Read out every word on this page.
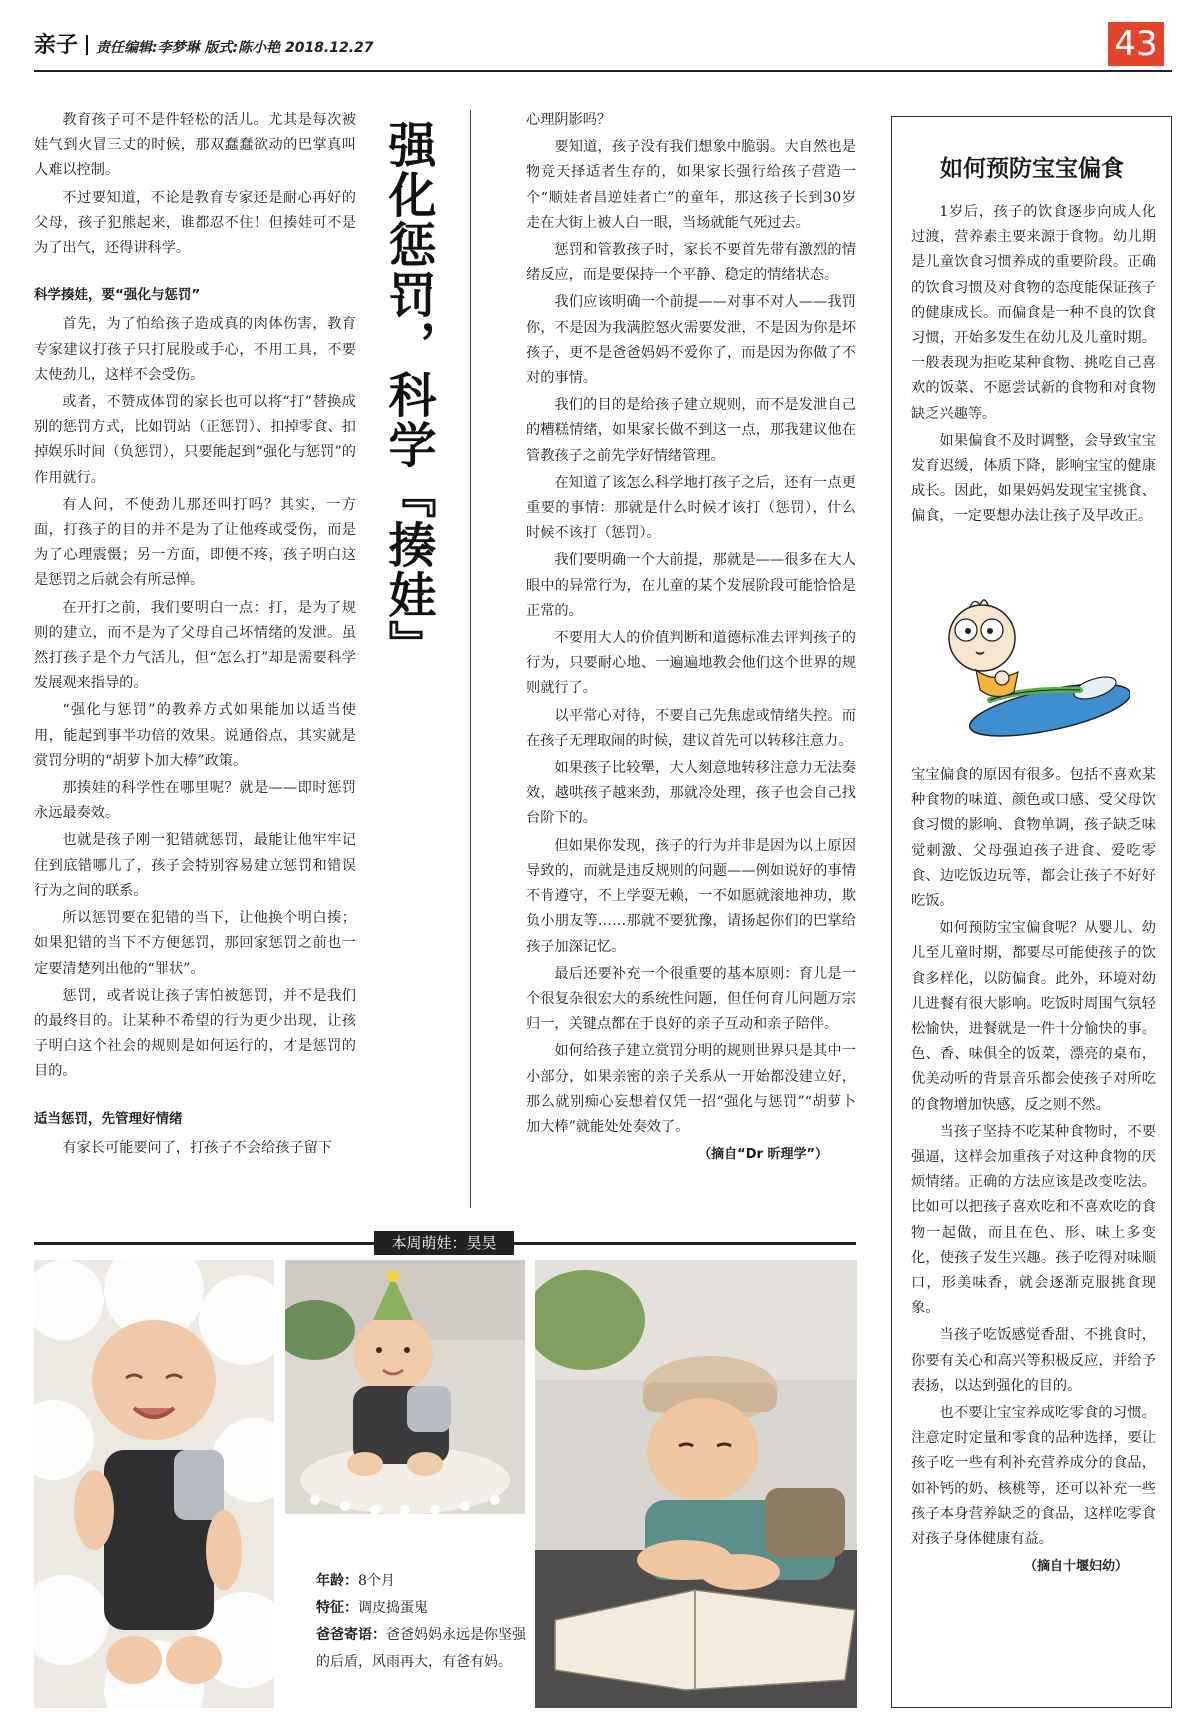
亲子 责任编辑:李梦琳 版式:陈小艳 2018.12.27	43

教育孩子可不是件轻松的活儿。尤其是每次被娃气到火冒三丈的时候，那双蠢蠢欲动的巴掌真叫人难以控制。

不过要知道，不论是教育专家还是耐心再好的父母，孩子犯熊起来，谁都忍不住！但揍娃可不是为了出气，还得讲科学。

科学揍娃，要“强化与惩罚”

首先，为了怕给孩子造成真的肉体伤害，教育专家建议打孩子只打屁股或手心，不用工具，不要太使劲儿，这样不会受伤。

或者，不赞成体罚的家长也可以将“打”替换成别的惩罚方式，比如罚站（正惩罚）、扣掉零食、扣掉娱乐时间（负惩罚），只要能起到“强化与惩罚”的作用就行。

有人问，不使劲儿那还叫打吗？其实，一方面，打孩子的目的并不是为了让他疼或受伤，而是为了心理震慑；另一方面，即便不疼，孩子明白这是惩罚之后就会有所忌惮。

在开打之前，我们要明白一点：打，是为了规则的建立，而不是为了父母自己坏情绪的发泄。虽然打孩子是个力气活儿，但“怎么打”却是需要科学发展观来指导的。

“强化与惩罚”的教养方式如果能加以适当使用，能起到事半功倍的效果。说通俗点，其实就是赏罚分明的“胡萝卜加大棒”政策。

那揍娃的科学性在哪里呢？就是——即时惩罚永远最奏效。

也就是孩子刚一犯错就惩罚，最能让他牢牢记住到底错哪儿了，孩子会特别容易建立惩罚和错误行为之间的联系。

所以惩罚要在犯错的当下，让他换个明白揍；如果犯错的当下不方便惩罚，那回家惩罚之前也一定要清楚列出他的“罪状”。

惩罚，或者说让孩子害怕被惩罚，并不是我们的最终目的。让某种不希望的行为更少出现，让孩子明白这个社会的规则是如何运行的，才是惩罚的目的。

适当惩罚，先管理好情绪

有家长可能要问了，打孩子不会给孩子留下

强化惩罚，科学『揍娃』	心理阴影吗？

要知道，孩子没有我们想象中脆弱。大自然也是物竞天择适者生存的，如果家长强行给孩子营造一个“顺娃者昌逆娃者亡”的童年，那这孩子长到30岁走在大街上被人白一眼，当场就能气死过去。

惩罚和管教孩子时，家长不要首先带有激烈的情绪反应，而是要保持一个平静、稳定的情绪状态。

我们应该明确一个前提——对事不对人——我罚你，不是因为我满腔怒火需要发泄，不是因为你是坏孩子，更不是爸爸妈妈不爱你了，而是因为你做了不对的事情。

我们的目的是给孩子建立规则，而不是发泄自己的糟糕情绪，如果家长做不到这一点，那我建议他在管教孩子之前先学好情绪管理。

在知道了该怎么科学地打孩子之后，还有一点更重要的事情：那就是什么时候才该打（惩罚），什么时候不该打（惩罚）。

我们要明确一个大前提，那就是——很多在大人眼中的异常行为，在儿童的某个发展阶段可能恰恰是正常的。

不要用大人的价值判断和道德标准去评判孩子的行为，只要耐心地、一遍遍地教会他们这个世界的规则就行了。

以平常心对待，不要自己先焦虑或情绪失控。而在孩子无理取闹的时候，建议首先可以转移注意力。

如果孩子比较犟，大人刻意地转移注意力无法奏效，越哄孩子越来劲，那就冷处理，孩子也会自己找台阶下的。

但如果你发现，孩子的行为并非是因为以上原因导致的，而就是违反规则的问题——例如说好的事情不肯遵守，不上学耍无赖，一不如愿就滚地神功，欺负小朋友等……那就不要犹豫，请扬起你们的巴掌给孩子加深记忆。

最后还要补充一个很重要的基本原则：育儿是一个很复杂很宏大的系统性问题，但任何育儿问题万宗归一，关键点都在于良好的亲子互动和亲子陪伴。

如何给孩子建立赏罚分明的规则世界只是其中一小部分，如果亲密的亲子关系从一开始都没建立好，那么就别痴心妄想着仅凭一招“强化与惩罚”“胡萝卜加大棒”就能处处奏效了。

（摘自“Dr 昕理学”）
如何预防宝宝偏食

1岁后，孩子的饮食逐步向成人化过渡，营养素主要来源于食物。幼儿期是儿童饮食习惯养成的重要阶段。正确的饮食习惯及对食物的态度能保证孩子的健康成长。而偏食是一种不良的饮食习惯，开始多发生在幼儿及儿童时期。一般表现为拒吃某种食物、挑吃自己喜欢的饭菜、不愿尝试新的食物和对食物缺乏兴趣等。

如果偏食不及时调整，会导致宝宝发育迟缓，体质下降，影响宝宝的健康成长。因此，如果妈妈发现宝宝挑食、偏食，一定要想办法让孩子及早改正。

宝宝偏食的原因有很多。包括不喜欢某种食物的味道、颜色或口感、受父母饮食习惯的影响、食物单调，孩子缺乏味觉刺激、父母强迫孩子进食、爱吃零食、边吃饭边玩等，都会让孩子不好好吃饭。

如何预防宝宝偏食呢？从婴儿、幼儿至儿童时期，都要尽可能使孩子的饮食多样化，以防偏食。此外，环境对幼儿进餐有很大影响。吃饭时周围气氛轻松愉快，进餐就是一件十分愉快的事。色、香、味俱全的饭菜，漂亮的桌布，优美动听的背景音乐都会使孩子对所吃的食物增加快感，反之则不然。

当孩子坚持不吃某种食物时，不要强逼，这样会加重孩子对这种食物的厌烦情绪。正确的方法应该是改变吃法。比如可以把孩子喜欢吃和不喜欢吃的食物一起做，而且在色、形、味上多变化，使孩子发生兴趣。孩子吃得对味顺口，形美味香，就会逐渐克服挑食现象。

当孩子吃饭感觉香甜、不挑食时，你要有关心和高兴等积极反应，并给予表扬，以达到强化的目的。

也不要让宝宝养成吃零食的习惯。注意定时定量和零食的品种选择，要让孩子吃一些有利补充营养成分的食品，如补钙的奶、核桃等，还可以补充一些孩子本身营养缺乏的食品，这样吃零食对孩子身体健康有益。

（摘自十堰妇幼）
本周萌娃：昊昊
年龄：8个月
特征：调皮捣蛋鬼
爸爸寄语：爸爸妈妈永远是你坚强的后盾，风雨再大，有爸有妈。
